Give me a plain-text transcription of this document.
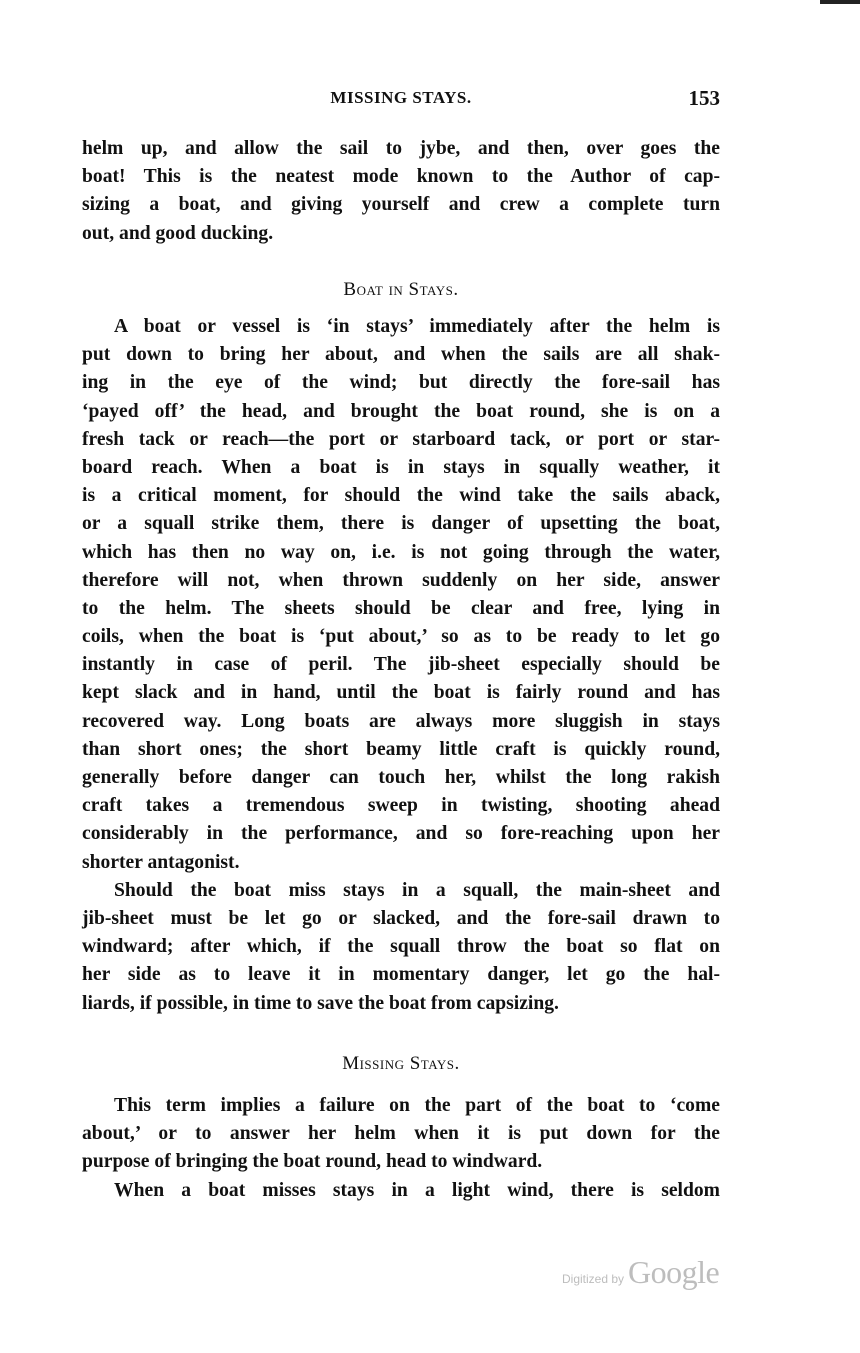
MISSING STAYS.	153
helm up, and allow the sail to jybe, and then, over goes the
boat! This is the neatest mode known to the Author of cap-
sizing a boat, and giving yourself and crew a complete turn
out, and good ducking.
Boat in Stays.
A boat or vessel is ‘in stays’ immediately after the helm is
put down to bring her about, and when the sails are all shak-
ing in the eye of the wind; but directly the fore-sail has
‘payed off’ the head, and brought the boat round, she is on a
fresh tack or reach—the port or starboard tack, or port or star-
board reach. When a boat is in stays in squally weather, it
is a critical moment, for should the wind take the sails aback,
or a squall strike them, there is danger of upsetting the boat,
which has then no way on, i.e. is not going through the water,
therefore will not, when thrown suddenly on her side, answer
to the helm. The sheets should be clear and free, lying in
coils, when the boat is ‘put about,’ so as to be ready to let go
instantly in case of peril. The jib-sheet especially should be
kept slack and in hand, until the boat is fairly round and has
recovered way. Long boats are always more sluggish in stays
than short ones; the short beamy little craft is quickly round,
generally before danger can touch her, whilst the long rakish
craft takes a tremendous sweep in twisting, shooting ahead
considerably in the performance, and so fore-reaching upon her
shorter antagonist.
Should the boat miss stays in a squall, the main-sheet and
jib-sheet must be let go or slacked, and the fore-sail drawn to
windward; after which, if the squall throw the boat so flat on
her side as to leave it in momentary danger, let go the hal-
liards, if possible, in time to save the boat from capsizing.
Missing Stays.
This term implies a failure on the part of the boat to ‘come
about,’ or to answer her helm when it is put down for the
purpose of bringing the boat round, head to windward.
When a boat misses stays in a light wind, there is seldom
Digitized by Google
